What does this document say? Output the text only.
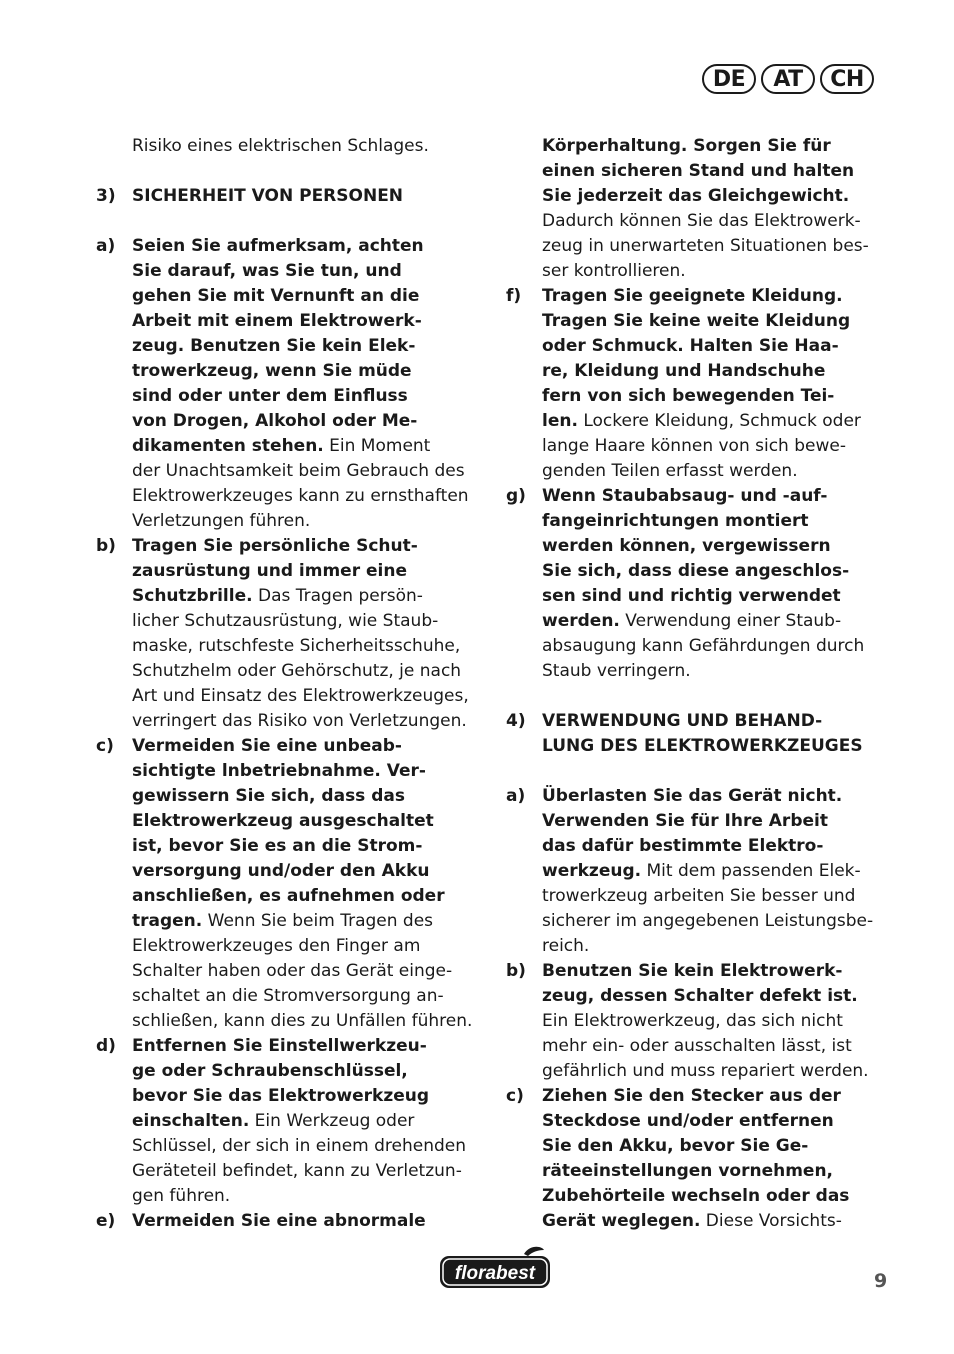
DE	AT	CH
Risiko eines elektrischen Schlages.
3) SICHERHEIT VON PERSONEN
a) Seien Sie aufmerksam, achten
Sie darauf, was Sie tun, und
gehen Sie mit Vernunft an die
Arbeit mit einem Elektrowerk-
zeug. Benutzen Sie kein Elek-
trowerkzeug, wenn Sie müde
sind oder unter dem Einfluss
von Drogen, Alkohol oder Me-
dikamenten stehen. Ein Moment
der Unachtsamkeit beim Gebrauch des
Elektrowerkzeuges kann zu ernsthaften
Verletzungen führen.
b) Tragen Sie persönliche Schut-
zausrüstung und immer eine
Schutzbrille. Das Tragen persön-
licher Schutzausrüstung, wie Staub-
maske, rutschfeste Sicherheitsschuhe,
Schutzhelm oder Gehörschutz, je nach
Art und Einsatz des Elektrowerkzeuges,
verringert das Risiko von Verletzungen.
c)	Vermeiden Sie eine unbeab-
sichtigte lnbetriebnahme. Ver-
gewissern Sie sich, dass das
Elektrowerkzeug ausgeschaltet
ist, bevor Sie es an die Strom-
versorgung und/oder den Akku
anschließen, es aufnehmen oder
tragen. Wenn Sie beim Tragen des
Elektrowerkzeuges den Finger am
Schalter haben oder das Gerät einge-
schaltet an die Stromversorgung an-
schließen, kann dies zu Unfällen führen.
d) Entfernen Sie Einstellwerkzeu-
ge oder Schraubenschlüssel,
bevor Sie das Elektrowerkzeug
einschalten. Ein Werkzeug oder
Schlüssel, der sich in einem drehenden
Geräteteil befindet, kann zu Verletzun-
gen führen.
e) Vermeiden Sie eine abnormale
Körperhaltung. Sorgen Sie für
einen sicheren Stand und halten
Sie jederzeit das Gleichgewicht.
Dadurch können Sie das Elektrowerk-
zeug in unerwarteten Situationen bes-
ser kontrollieren.
f)	Tragen Sie geeignete Kleidung.
Tragen Sie keine weite Kleidung
oder Schmuck. Halten Sie Haa-
re, Kleidung und Handschuhe
fern von sich bewegenden Tei-
len. Lockere Kleidung, Schmuck oder
lange Haare können von sich bewe-
genden Teilen erfasst werden.
g) Wenn Staubabsaug- und -auf-
fangeinrichtungen montiert
werden können, vergewissern
Sie sich, dass diese angeschlos-
sen sind und richtig verwendet
werden. Verwendung einer Staub-
absaugung kann Gefährdungen durch
Staub verringern.
4) VERWENDUNG UND BEHAND-
LUNG DES ELEKTROWERKZEUGES
a) Überlasten Sie das Gerät nicht.
Verwenden Sie für Ihre Arbeit
das dafür bestimmte Elektro-
werkzeug. Mit dem passenden Elek-
trowerkzeug arbeiten Sie besser und
sicherer im angegebenen Leistungsbe-
reich.
b) Benutzen Sie kein Elektrowerk-
zeug, dessen Schalter defekt ist.
Ein Elektrowerkzeug, das sich nicht
mehr ein- oder ausschalten lässt, ist
gefährlich und muss repariert werden.
c)	Ziehen Sie den Stecker aus der
Steckdose und/oder entfernen
Sie den Akku, bevor Sie Ge-
räteeinstellungen vornehmen,
Zubehörteile wechseln oder das
Gerät weglegen. Diese Vorsichts-
florabest	9
